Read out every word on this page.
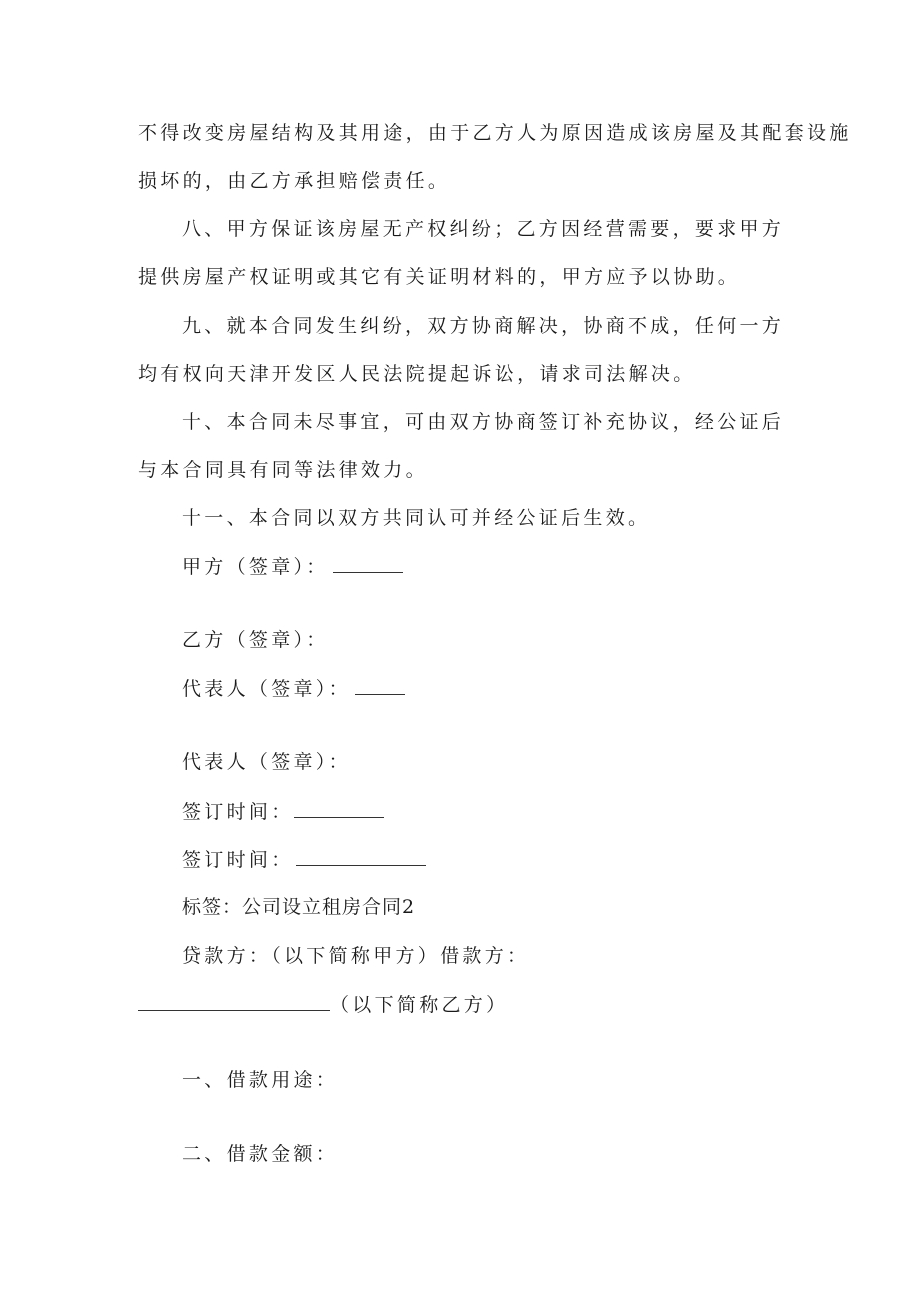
不得改变房屋结构及其用途，由于乙方人为原因造成该房屋及其配套设施
损坏的，由乙方承担赔偿责任。
八、甲方保证该房屋无产权纠纷；乙方因经营需要，要求甲方
提供房屋产权证明或其它有关证明材料的，甲方应予以协助。
九、就本合同发生纠纷，双方协商解决，协商不成，任何一方
均有权向天津开发区人民法院提起诉讼，请求司法解决。
十、本合同未尽事宜，可由双方协商签订补充协议，经公证后
与本合同具有同等法律效力。
十一、本合同以双方共同认可并经公证后生效。
甲方（签章）：
乙方（签章）：
代表人（签章）：
代表人（签章）：
签订时间：
签订时间：
标签：公司设立租房合同2
贷款方：（以下简称甲方）借款方：
（以下简称乙方）
一、借款用途：
二、借款金额：
